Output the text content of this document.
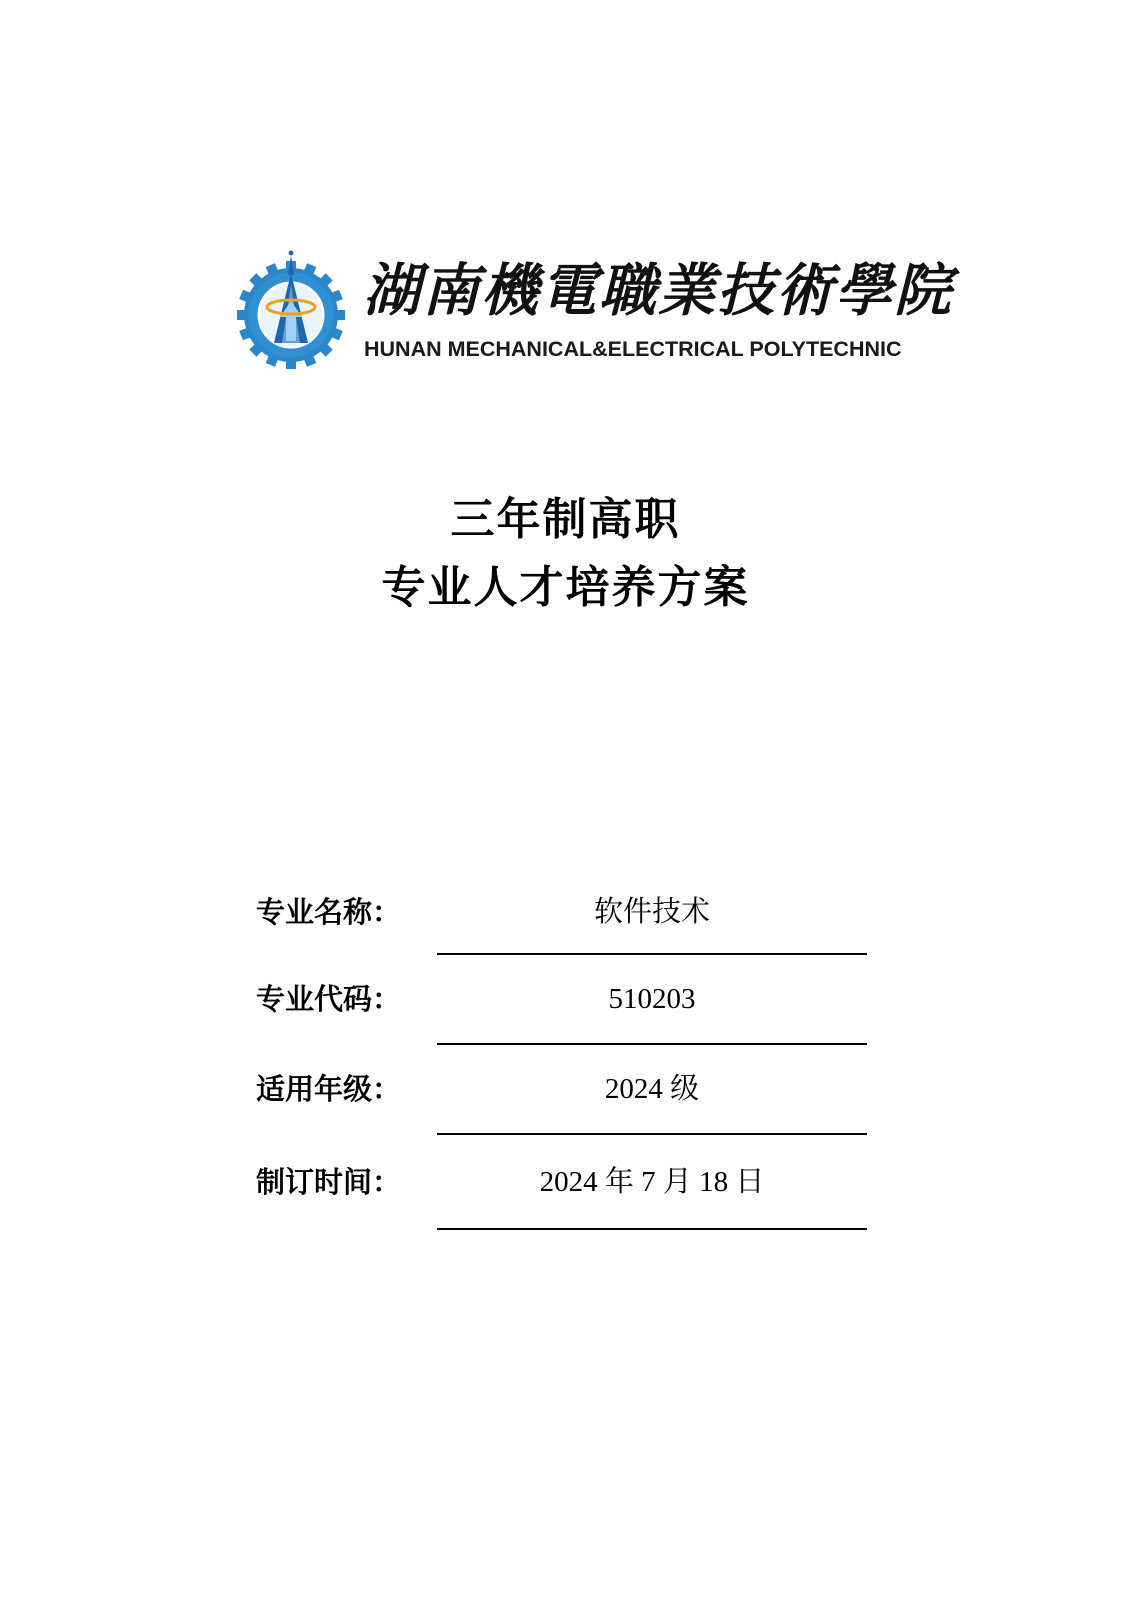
湖南機電職業技術學院
HUNAN MECHANICAL&ELECTRICAL POLYTECHNIC
三年制高职
专业人才培养方案
专业名称：	软件技术
专业代码：	510203
适用年级：	2024 级
制订时间：	2024 年 7 月 18 日
